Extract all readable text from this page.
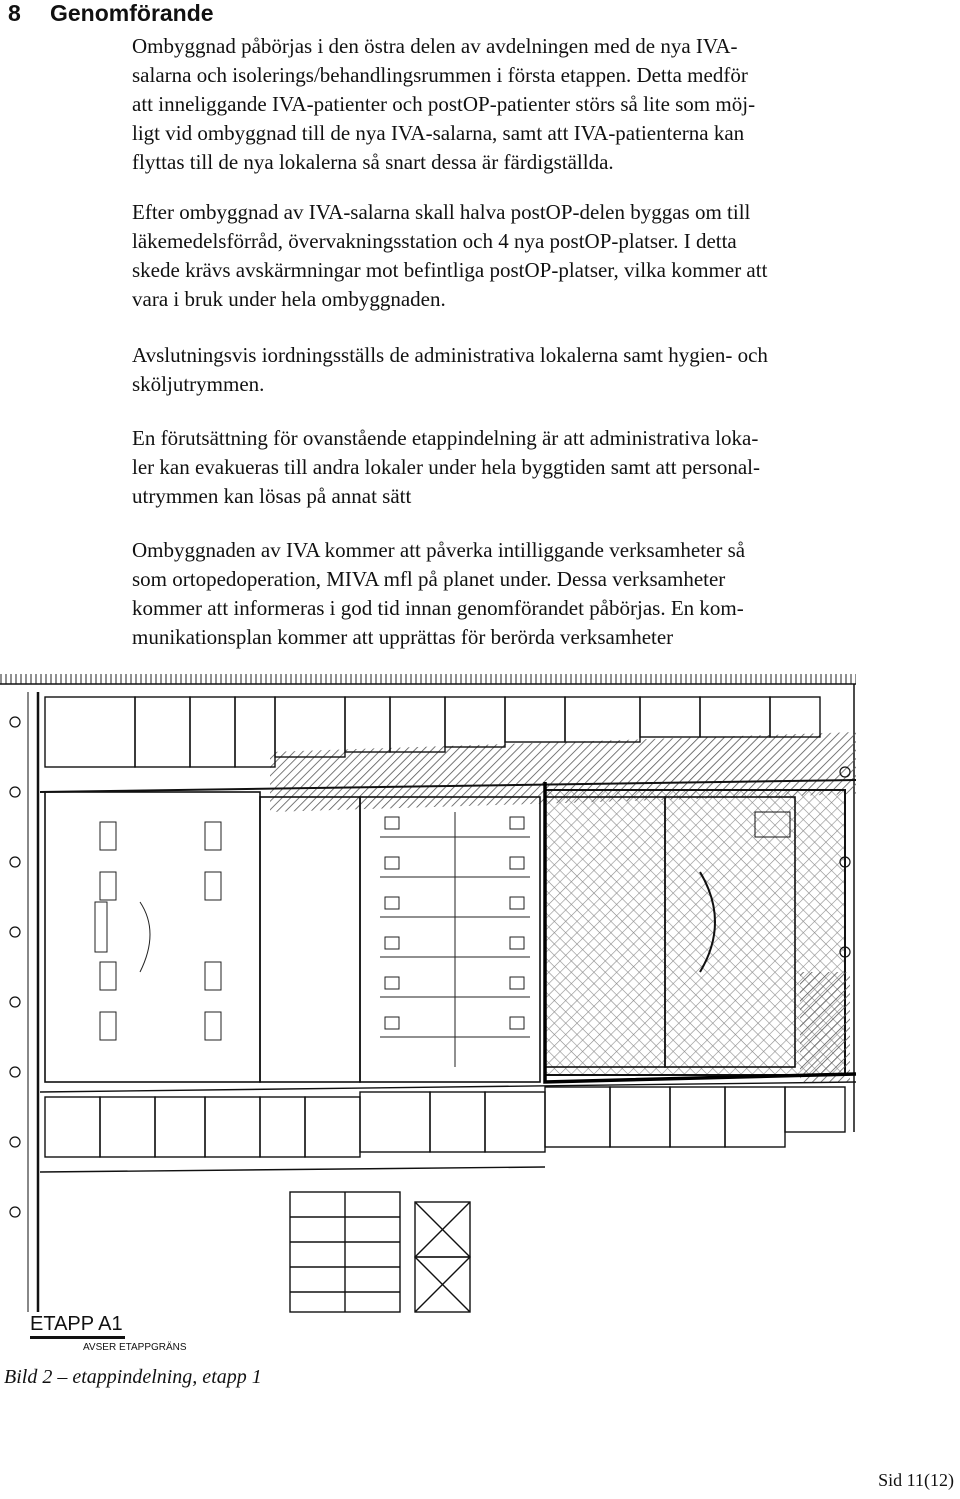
8 Genomförande
Ombyggnad påbörjas i den östra delen av avdelningen med de nya IVA-
salarna och isolerings/behandlingsrummen i första etappen. Detta medför
att inneliggande IVA-patienter och postOP-patienter störs så lite som möj-
ligt vid ombyggnad till de nya IVA-salarna, samt att IVA-patienterna kan
flyttas till de nya lokalerna så snart dessa är färdigställda.
Efter ombyggnad av IVA-salarna skall halva postOP-delen byggas om till
läkemedelsförråd, övervakningsstation och 4 nya postOP-platser. I detta
skede krävs avskärmningar mot befintliga postOP-platser, vilka kommer att
vara i bruk under hela ombyggnaden.
Avslutningsvis iordningsställs de administrativa lokalerna samt hygien- och
sköljutrymmen.
En förutsättning för ovanstående etappindelning är att administrativa loka-
ler kan evakueras till andra lokaler under hela byggtiden samt att personal-
utrymmen kan lösas på annat sätt
Ombyggnaden av IVA kommer att påverka intilliggande verksamheter så
som ortopedoperation, MIVA mfl på planet under. Dessa verksamheter
kommer att informeras i god tid innan genomförandet påbörjas. En kom-
munikationsplan kommer att upprättas för berörda verksamheter
ETAPP A1
AVSER ETAPPGRÄNS
Bild 2 – etappindelning, etapp 1
Sid 11(12)
